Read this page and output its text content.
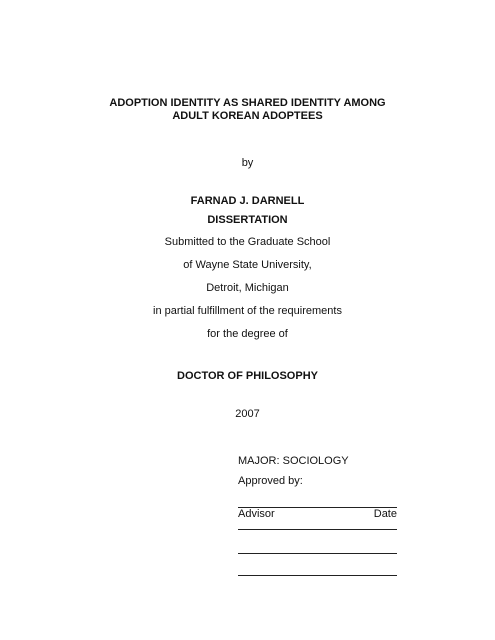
ADOPTION IDENTITY AS SHARED IDENTITY AMONG
ADULT KOREAN ADOPTEES
by
FARNAD J. DARNELL
DISSERTATION
Submitted to the Graduate School
of Wayne State University,
Detroit, Michigan
in partial fulfillment of the requirements
for the degree of
DOCTOR OF PHILOSOPHY
2007
MAJOR: SOCIOLOGY
Approved by:
Advisor	Date
